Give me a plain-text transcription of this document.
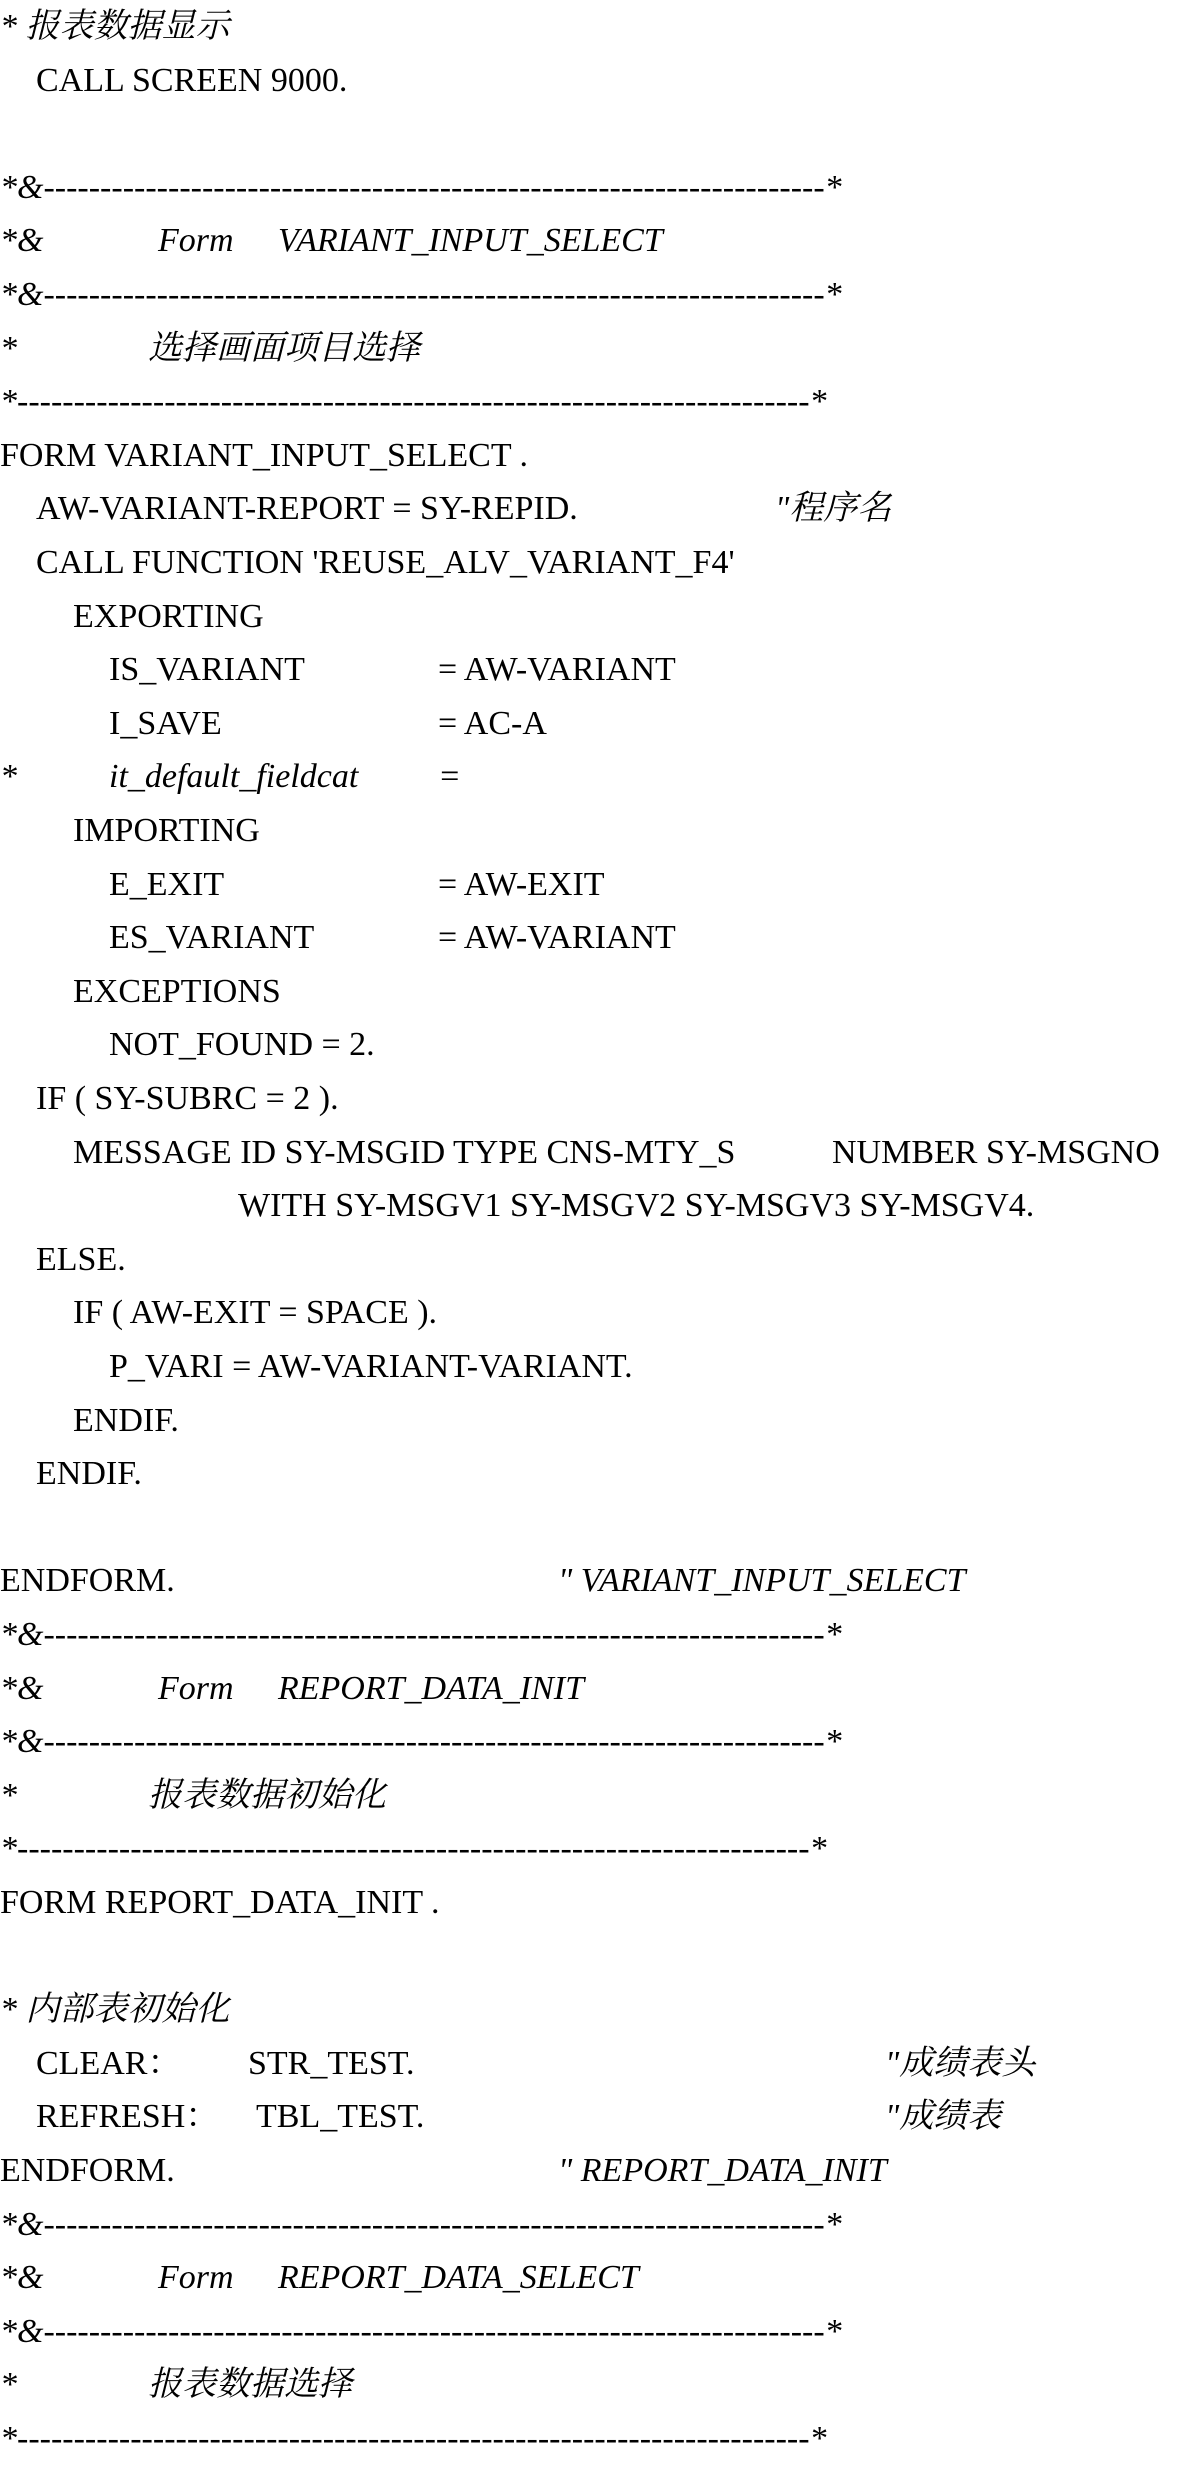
* 报表数据显示
CALL SCREEN 9000.
*&---------------------------------------------------------------------*
*&	Form VARIANT_INPUT_SELECT
*&---------------------------------------------------------------------*
*	选择画面项目选择
*----------------------------------------------------------------------*
FORM VARIANT_INPUT_SELECT .
AW-VARIANT-REPORT = SY-REPID.	"程序名
CALL FUNCTION 'REUSE_ALV_VARIANT_F4'
EXPORTING
IS_VARIANT	= AW-VARIANT
I_SAVE	= AC-A
*	it_default_fieldcat =
IMPORTING
E_EXIT	= AW-EXIT
ES_VARIANT	= AW-VARIANT
EXCEPTIONS
NOT_FOUND = 2.
IF ( SY-SUBRC = 2 ).
MESSAGE ID SY-MSGID TYPE CNS-MTY_S	NUMBER SY-MSGNO
WITH SY-MSGV1 SY-MSGV2 SY-MSGV3 SY-MSGV4.
ELSE.
IF ( AW-EXIT = SPACE ).
P_VARI = AW-VARIANT-VARIANT.
ENDIF.
ENDIF.
ENDFORM.	" VARIANT_INPUT_SELECT
*&---------------------------------------------------------------------*
*&	Form REPORT_DATA_INIT
*&---------------------------------------------------------------------*
*	报表数据初始化
*----------------------------------------------------------------------*
FORM REPORT_DATA_INIT .
* 内部表初始化
CLEAR： STR_TEST.	"成绩表头
REFRESH： TBL_TEST.	"成绩表
ENDFORM.	" REPORT_DATA_INIT
*&---------------------------------------------------------------------*
*&	Form REPORT_DATA_SELECT
*&---------------------------------------------------------------------*
*	报表数据选择
*----------------------------------------------------------------------*
